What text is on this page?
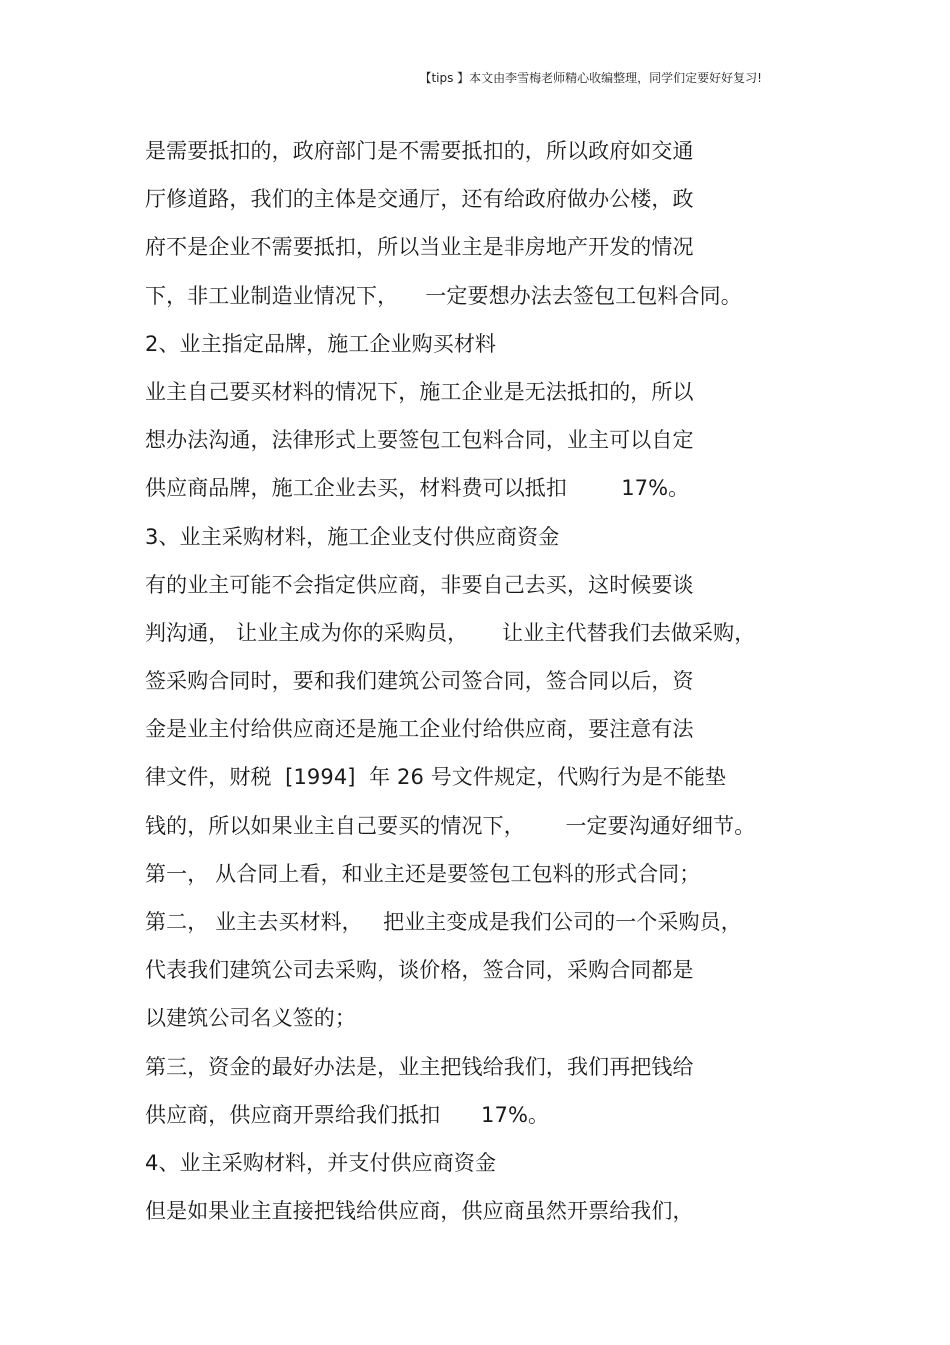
【tips 】本文由李雪梅老师精心收编整理，同学们定要好好复习!
是需要抵扣的，政府部门是不需要抵扣的，所以政府如交通
厅修道路，我们的主体是交通厅，还有给政府做办公楼，政
府不是企业不需要抵扣，所以当业主是非房地产开发的情况
下，非工业制造业情况下，    一定要想办法去签包工包料合同。
2、业主指定品牌，施工企业购买材料
业主自己要买材料的情况下，施工企业是无法抵扣的，所以
想办法沟通，法律形式上要签包工包料合同，业主可以自定
供应商品牌，施工企业去买，材料费可以抵扣        17%。
3、业主采购材料，施工企业支付供应商资金
有的业主可能不会指定供应商，非要自己去买，这时候要谈
判沟通， 让业主成为你的采购员，     让业主代替我们去做采购，
签采购合同时，要和我们建筑公司签合同，签合同以后，资
金是业主付给供应商还是施工企业付给供应商，要注意有法
律文件，财税  [1994]  年 26 号文件规定，代购行为是不能垫
钱的，所以如果业主自己要买的情况下，      一定要沟通好细节。
第一， 从合同上看，和业主还是要签包工包料的形式合同；
第二， 业主去买材料，   把业主变成是我们公司的一个采购员，
代表我们建筑公司去采购，谈价格，签合同，采购合同都是
以建筑公司名义签的；
第三，资金的最好办法是，业主把钱给我们，我们再把钱给
供应商，供应商开票给我们抵扣      17%。
4、业主采购材料，并支付供应商资金
但是如果业主直接把钱给供应商，供应商虽然开票给我们，
